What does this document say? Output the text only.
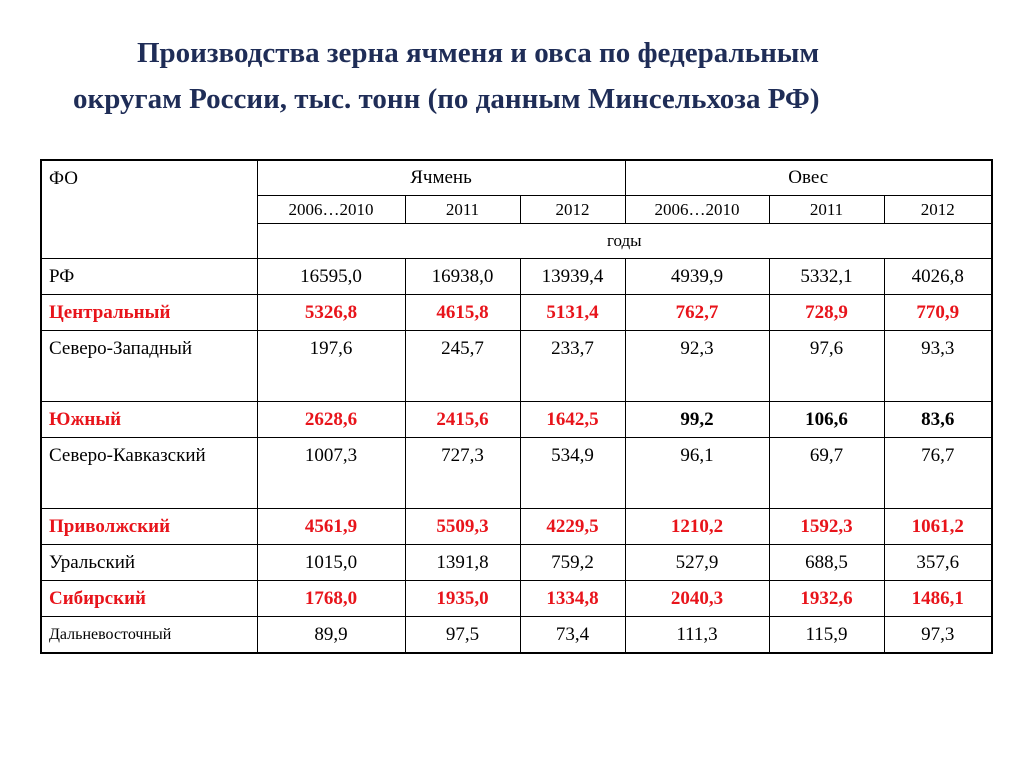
Производства зерна ячменя и овса по федеральным
округам России, тыс. тонн (по данным Минсельхоза РФ)
ФО	Ячмень			Овес		
	2006…2010	2011	2012	2006…2010	2011	2012
	годы					
РФ	16595,0	16938,0	13939,4	4939,9	5332,1	4026,8
Центральный	5326,8	4615,8	5131,4	762,7	728,9	770,9
Северо-Западный	197,6	245,7	233,7	92,3	97,6	93,3
Южный	2628,6	2415,6	1642,5	99,2	106,6	83,6
Северо-Кавказский	1007,3	727,3	534,9	96,1	69,7	76,7
Приволжский	4561,9	5509,3	4229,5	1210,2	1592,3	1061,2
Уральский	1015,0	1391,8	759,2	527,9	688,5	357,6
Сибирский	1768,0	1935,0	1334,8	2040,3	1932,6	1486,1
Дальневосточный	89,9	97,5	73,4	111,3	115,9	97,3
